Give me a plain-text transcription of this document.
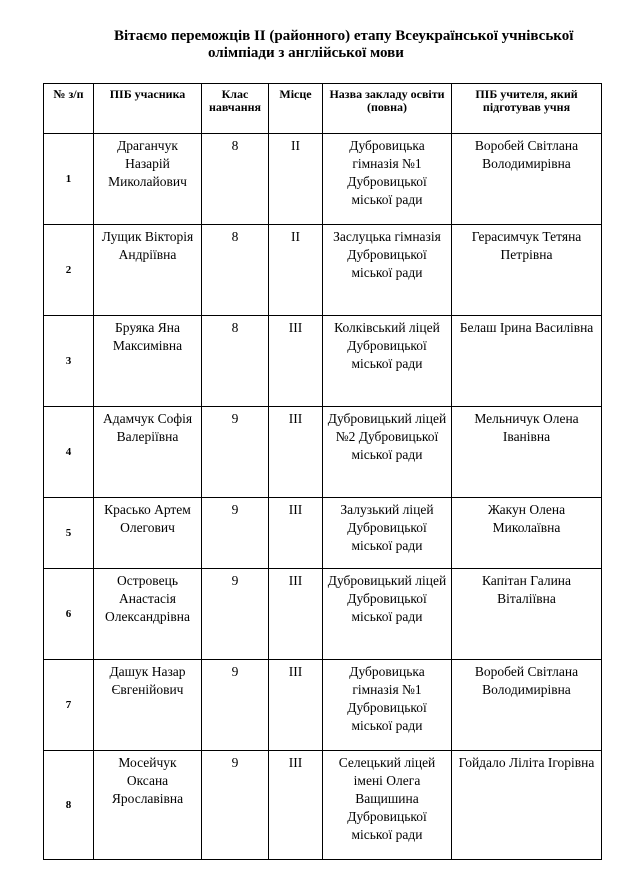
Вітаємо переможців ІІ (районного) етапу Всеукраїнської учнівської
олімпіади з англійської мови
№ з/п	ПІБ учасника	Клас навчання	Місце	Назва закладу освіти (повна)	ПІБ учителя, який підготував учня
1	Драганчук Назарій Миколайович	8	ІІ	Дубровицька гімназія №1 Дубровицької міської ради	Воробей Світлана Володимирівна
2	Лущик Вікторія Андріївна	8	ІІ	Заслуцька гімназія Дубровицької міської ради	Герасимчук Тетяна Петрівна
3	Бруяка Яна Максимівна	8	ІІІ	Колківський ліцей Дубровицької міської ради	Белаш Ірина Василівна
4	Адамчук Софія Валеріївна	9	ІІІ	Дубровицький ліцей №2 Дубровицької міської ради	Мельничук Олена Іванівна
5	Красько Артем Олегович	9	ІІІ	Залузький ліцей Дубровицької міської ради	Жакун Олена Миколаївна
6	Островець Анастасія Олександрівна	9	ІІІ	Дубровицький ліцей Дубровицької міської ради	Капітан Галина Віталіївна
7	Дашук Назар Євгенійович	9	ІІІ	Дубровицька гімназія №1 Дубровицької міської ради	Воробей Світлана Володимирівна
8	Мосейчук Оксана Ярославівна	9	ІІІ	Селецький ліцей імені Олега Ващишина Дубровицької міської ради	Гойдало Ліліта Ігорівна
